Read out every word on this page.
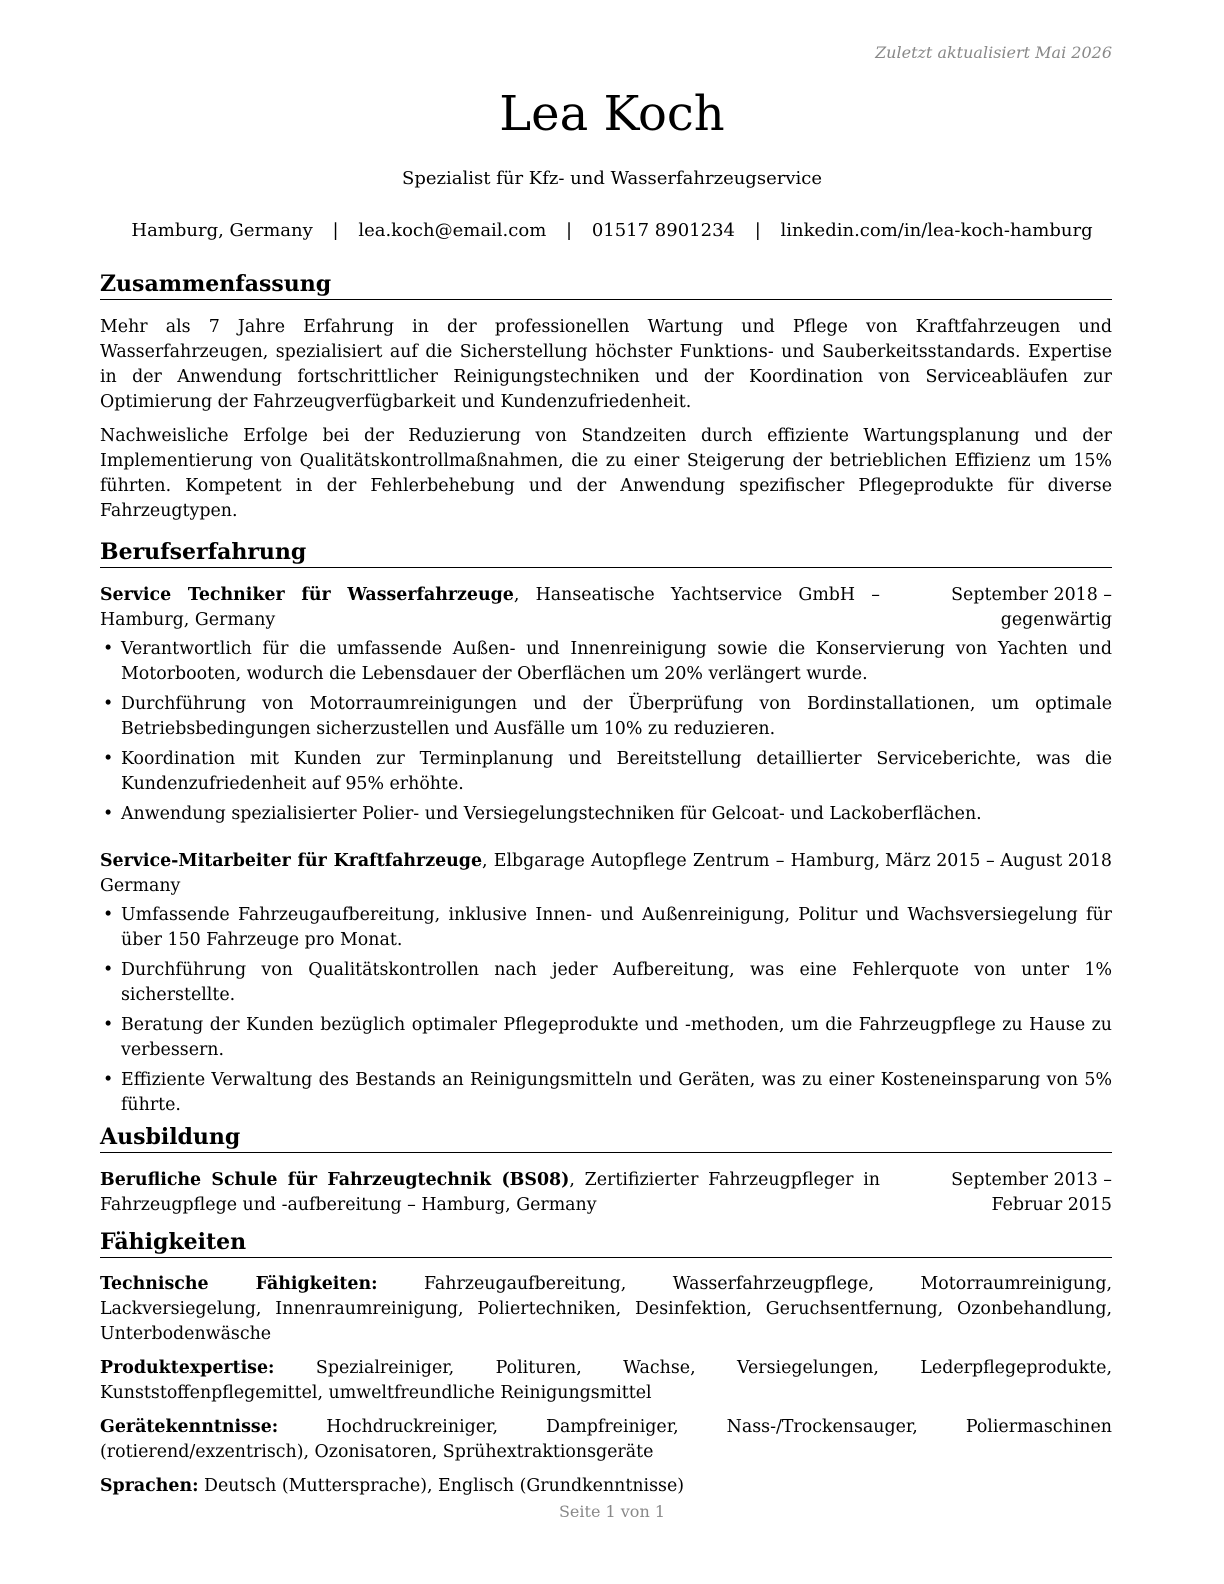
Zuletzt aktualisiert Mai 2026
Lea Koch
Spezialist für Kfz- und Wasserfahrzeugservice
Hamburg, Germany | lea.koch@email.com | 01517 8901234 | linkedin.com/in/lea-koch-hamburg
Zusammenfassung

Mehr als 7 Jahre Erfahrung in der professionellen Wartung und Pflege von Kraftfahrzeugen und Wasserfahrzeugen, spezialisiert auf die Sicherstellung höchster Funktions- und Sauberkeitsstandards. Expertise in der Anwendung fortschrittlicher Reinigungstechniken und der Koordination von Serviceabläufen zur Optimierung der Fahrzeugverfügbarkeit und Kundenzufriedenheit.

Nachweisliche Erfolge bei der Reduzierung von Standzeiten durch effiziente Wartungsplanung und der Implementierung von Qualitätskontrollmaßnahmen, die zu einer Steigerung der betrieblichen Effizienz um 15% führten. Kompetent in der Fehlerbehebung und der Anwendung spezifischer Pflegeprodukte für diverse Fahrzeugtypen.

Berufserfahrung
Service Techniker für Wasserfahrzeuge, Hanseatische Yachtservice GmbH – Hamburg, Germany
September 2018 – gegenwärtig
• Verantwortlich für die umfassende Außen- und Innenreinigung sowie die Konservierung von Yachten und Motorbooten, wodurch die Lebensdauer der Oberflächen um 20% verlängert wurde.
• Durchführung von Motorraumreinigungen und der Überprüfung von Bordinstallationen, um optimale Betriebsbedingungen sicherzustellen und Ausfälle um 10% zu reduzieren.
• Koordination mit Kunden zur Terminplanung und Bereitstellung detaillierter Serviceberichte, was die Kundenzufriedenheit auf 95% erhöhte.
• Anwendung spezialisierter Polier- und Versiegelungstechniken für Gelcoat- und Lackoberflächen.
Service-Mitarbeiter für Kraftfahrzeuge, Elbgarage Autopflege Zentrum – Hamburg, Germany
März 2015 – August 2018
• Umfassende Fahrzeugaufbereitung, inklusive Innen- und Außenreinigung, Politur und Wachsversiegelung für über 150 Fahrzeuge pro Monat.
• Durchführung von Qualitätskontrollen nach jeder Aufbereitung, was eine Fehlerquote von unter 1% sicherstellte.
• Beratung der Kunden bezüglich optimaler Pflegeprodukte und -methoden, um die Fahrzeugpflege zu Hause zu verbessern.
• Effiziente Verwaltung des Bestands an Reinigungsmitteln und Geräten, was zu einer Kosteneinsparung von 5% führte.
Ausbildung
Berufliche Schule für Fahrzeugtechnik (BS08), Zertifizierter Fahrzeugpfleger in Fahrzeugpflege und -aufbereitung – Hamburg, Germany
September 2013 – Februar 2015
Fähigkeiten

Technische Fähigkeiten: Fahrzeugaufbereitung, Wasserfahrzeugpflege, Motorraumreinigung, Lackversiegelung, Innenraumreinigung, Poliertechniken, Desinfektion, Geruchsentfernung, Ozonbehandlung, Unterbodenwäsche

Produktexpertise: Spezialreiniger, Polituren, Wachse, Versiegelungen, Lederpflegeprodukte, Kunststoffenpflegemittel, umweltfreundliche Reinigungsmittel

Gerätekenntnisse: Hochdruckreiniger, Dampfreiniger, Nass-/Trockensauger, Poliermaschinen (rotierend/exzentrisch), Ozonisatoren, Sprühextraktionsgeräte

Sprachen: Deutsch (Muttersprache), Englisch (Grundkenntnisse)

Seite 1 von 1
